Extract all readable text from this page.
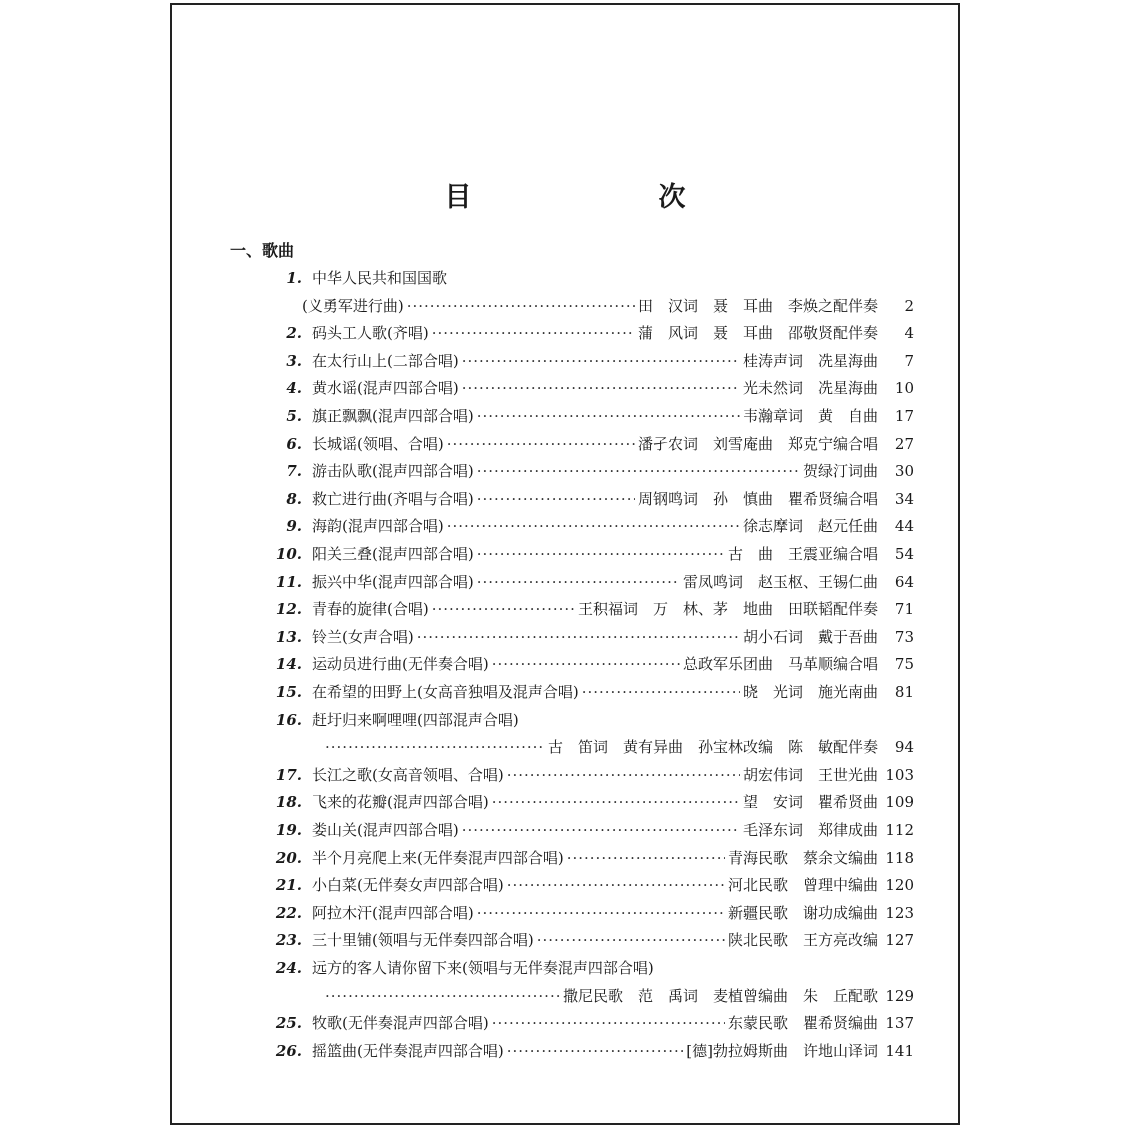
目　次
一、歌曲
1. 中华人民共和国国歌
(义勇军进行曲) ·····	田　汉词　聂　耳曲　李焕之配伴奏	2
2. 码头工人歌(齐唱) ·····	蒲　风词　聂　耳曲　邵敬贤配伴奏	4
3. 在太行山上(二部合唱) ·····	桂涛声词　冼星海曲	7
4. 黄水谣(混声四部合唱) ·····	光未然词　冼星海曲	10
5. 旗正飘飘(混声四部合唱) ·····	韦瀚章词　黄　自曲	17
6. 长城谣(领唱、合唱) ·····	潘孑农词　刘雪庵曲　郑克宁编合唱	27
7. 游击队歌(混声四部合唱) ·····	贺绿汀词曲	30
8. 救亡进行曲(齐唱与合唱) ·····	周钢鸣词　孙　慎曲　瞿希贤编合唱	34
9. 海韵(混声四部合唱) ·····	徐志摩词　赵元任曲	44
10. 阳关三叠(混声四部合唱) ·····	古　曲　王震亚编合唱	54
11. 振兴中华(混声四部合唱) ·····	雷凤鸣词　赵玉枢、王锡仁曲	64
12. 青春的旋律(合唱) ·····	王积福词　万　林、茅　地曲　田联韬配伴奏	71
13. 铃兰(女声合唱) ·····	胡小石词　戴于吾曲	73
14. 运动员进行曲(无伴奏合唱) ·····	总政军乐团曲　马革顺编合唱	75
15. 在希望的田野上(女高音独唱及混声合唱) ·····	晓　光词　施光南曲	81
16. 赶圩归来啊哩哩(四部混声合唱)
·····
古　笛词　黄有异曲　孙宝林改编　陈　敏配伴奏	94
17. 长江之歌(女高音领唱、合唱) ·····	胡宏伟词　王世光曲 103
18. 飞来的花瓣(混声四部合唱) ·····	望　安词　瞿希贤曲 109
19. 娄山关(混声四部合唱) ·····	毛泽东词　郑律成曲 112
20. 半个月亮爬上来(无伴奏混声四部合唱) ·····	青海民歌　蔡余文编曲 118
21. 小白菜(无伴奏女声四部合唱) ·····	河北民歌　曾理中编曲 120
22. 阿拉木汗(混声四部合唱) ·····	新疆民歌　谢功成编曲 123
23. 三十里铺(领唱与无伴奏四部合唱) ·····	陕北民歌　王方亮改编 127
24. 远方的客人请你留下来(领唱与无伴奏混声四部合唱)
·····
撒尼民歌　范　禹词　麦植曾编曲　朱　丘配歌 129
25. 牧歌(无伴奏混声四部合唱) ·····	东蒙民歌　瞿希贤编曲 137
26. 摇篮曲(无伴奏混声四部合唱) ·····	[德]勃拉姆斯曲　许地山译词 141
